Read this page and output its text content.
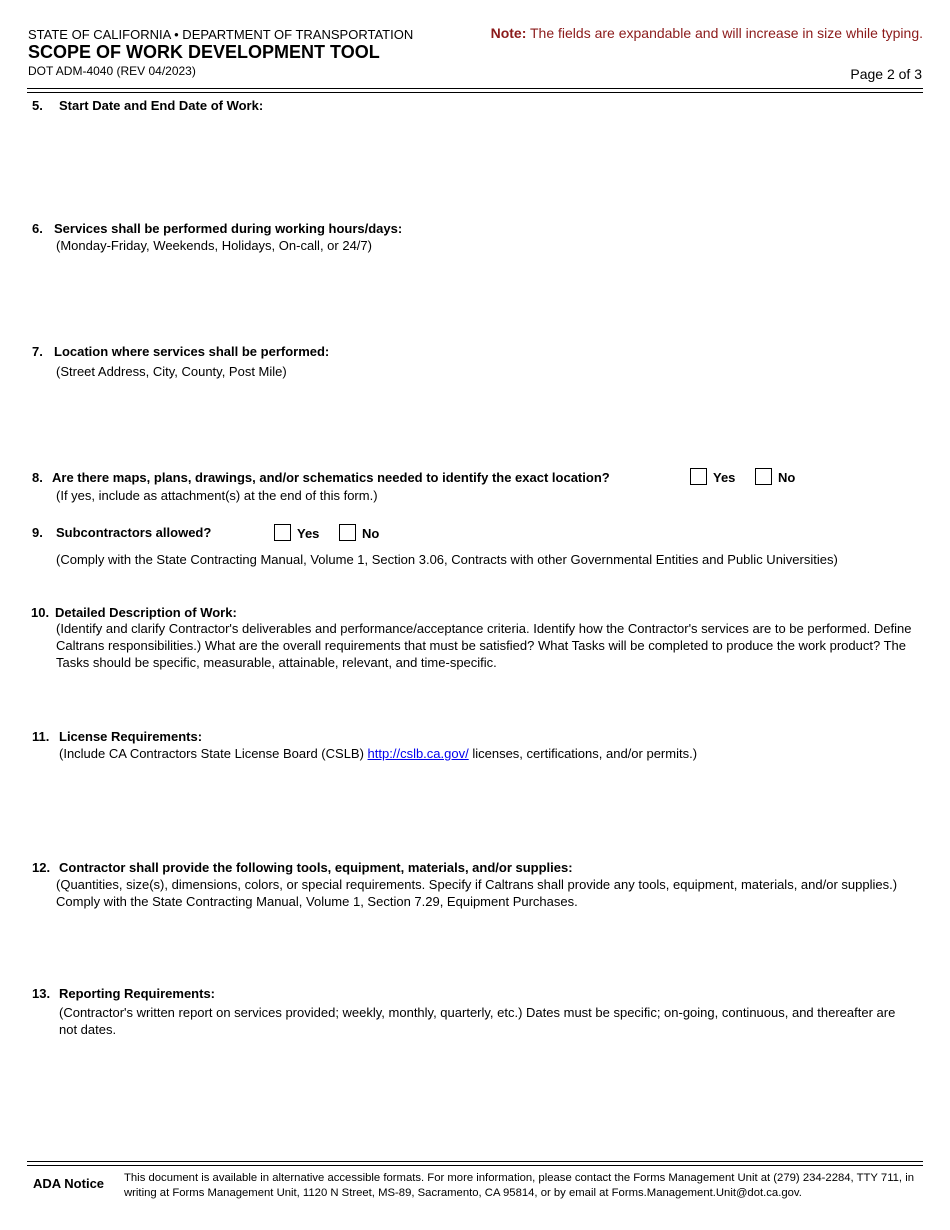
STATE OF CALIFORNIA • DEPARTMENT OF TRANSPORTATION
SCOPE OF WORK DEVELOPMENT TOOL
DOT ADM-4040 (REV 04/2023)
Note: The fields are expandable and will increase in size while typing.
Page 2 of 3
5. Start Date and End Date of Work:
6. Services shall be performed during working hours/days:
(Monday-Friday, Weekends, Holidays, On-call, or 24/7)
7. Location where services shall be performed:
(Street Address, City, County, Post Mile)
8. Are there maps, plans, drawings, and/or schematics needed to identify the exact location?	Yes	No
(If yes, include as attachment(s) at the end of this form.)
9. Subcontractors allowed?	Yes	No
(Comply with the State Contracting Manual, Volume 1, Section 3.06, Contracts with other Governmental Entities and Public Universities)
10. Detailed Description of Work:
(Identify and clarify Contractor's deliverables and performance/acceptance criteria. Identify how the Contractor's services are to be performed. Define Caltrans responsibilities.) What are the overall requirements that must be satisfied? What Tasks will be completed to produce the work product? The Tasks should be specific, measurable, attainable, relevant, and time-specific.
11. License Requirements:
(Include CA Contractors State License Board (CSLB) http://cslb.ca.gov/ licenses, certifications, and/or permits.)
12. Contractor shall provide the following tools, equipment, materials, and/or supplies:
(Quantities, size(s), dimensions, colors, or special requirements. Specify if Caltrans shall provide any tools, equipment, materials, and/or supplies.) Comply with the State Contracting Manual, Volume 1, Section 7.29, Equipment Purchases.
13. Reporting Requirements:
(Contractor's written report on services provided; weekly, monthly, quarterly, etc.) Dates must be specific; on-going, continuous, and thereafter are not dates.
ADA Notice This document is available in alternative accessible formats. For more information, please contact the Forms Management Unit at (279) 234-2284, TTY 711, in writing at Forms Management Unit, 1120 N Street, MS-89, Sacramento, CA 95814, or by email at Forms.Management.Unit@dot.ca.gov.
